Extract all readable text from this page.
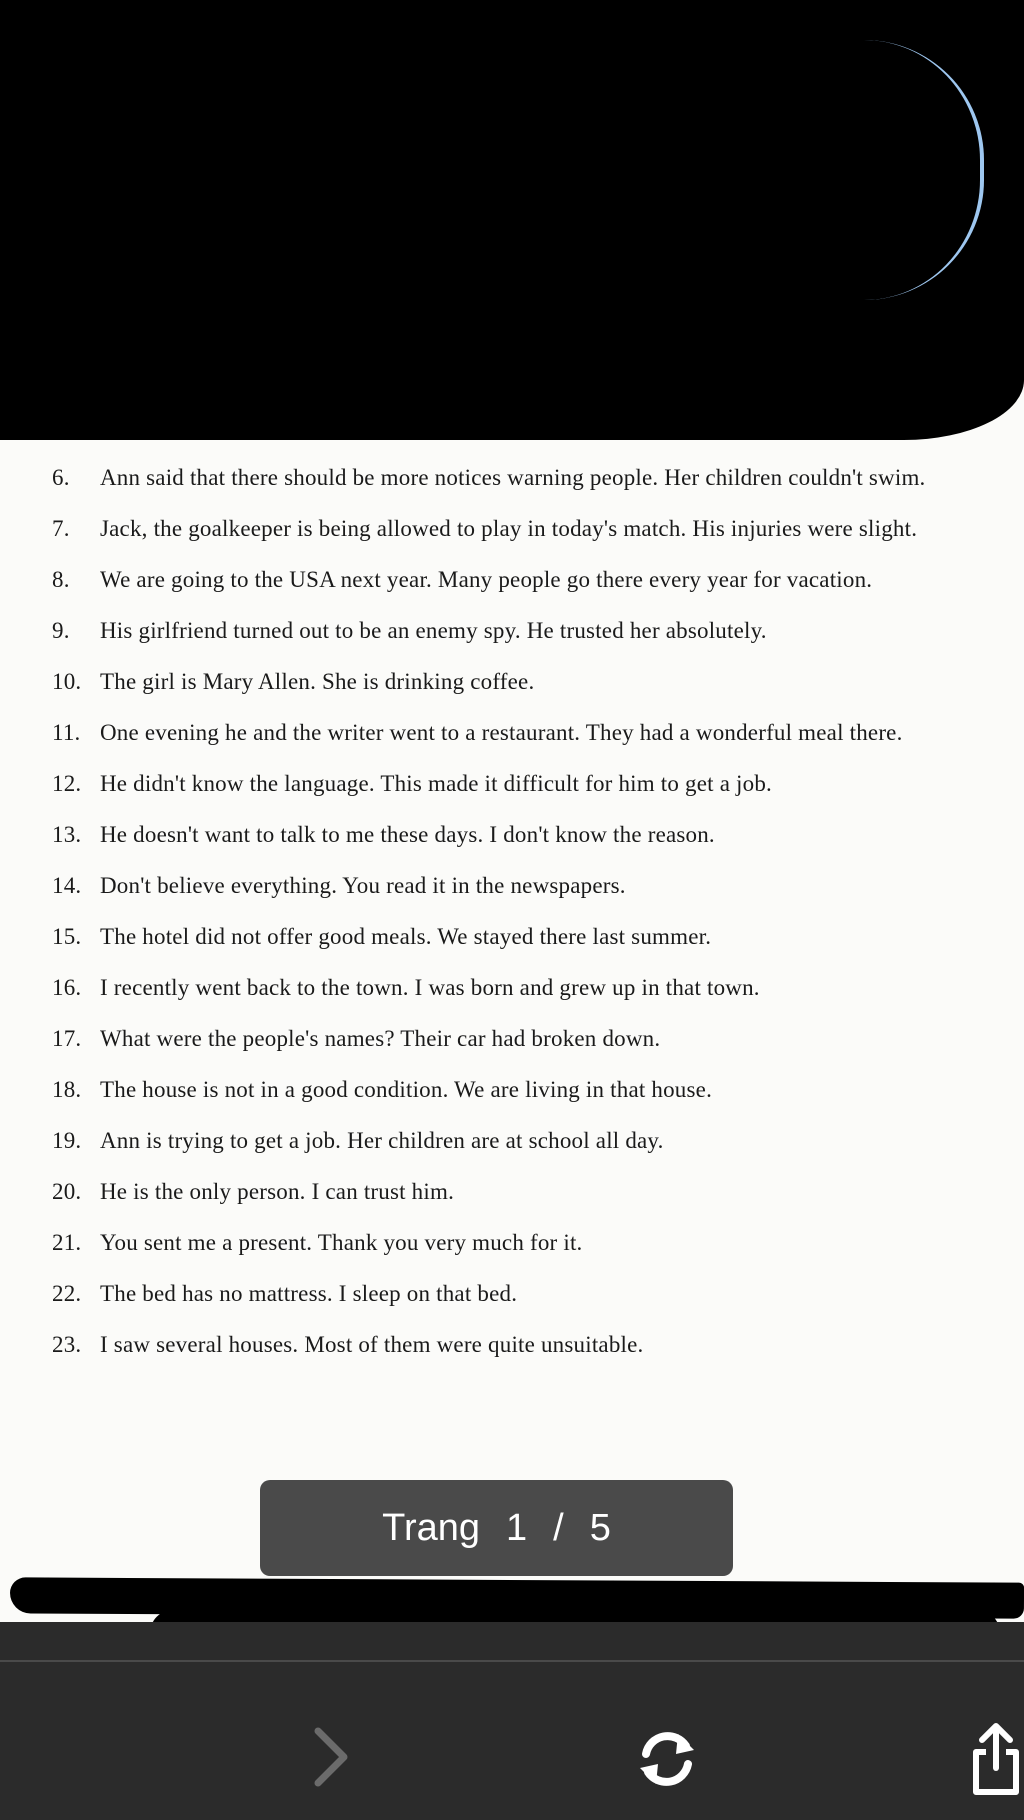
6.	Ann said that there should be more notices warning people. Her children couldn't swim.
7.	Jack, the goalkeeper is being allowed to play in today's match. His injuries were slight.
8.	We are going to the USA next year. Many people go there every year for vacation.
9.	His girlfriend turned out to be an enemy spy. He trusted her absolutely.
10. The girl is Mary Allen. She is drinking coffee.
11. One evening he and the writer went to a restaurant. They had a wonderful meal there.
12. He didn't know the language. This made it difficult for him to get a job.
13. He doesn't want to talk to me these days. I don't know the reason.
14. Don't believe everything. You read it in the newspapers.
15. The hotel did not offer good meals. We stayed there last summer.
16. I recently went back to the town. I was born and grew up in that town.
17. What were the people's names? Their car had broken down.
18. The house is not in a good condition. We are living in that house.
19. Ann is trying to get a job. Her children are at school all day.
20. He is the only person. I can trust him.
21. You sent me a present. Thank you very much for it.
22. The bed has no mattress. I sleep on that bed.
23. I saw several houses. Most of them were quite unsuitable.
Trang 1 / 5
